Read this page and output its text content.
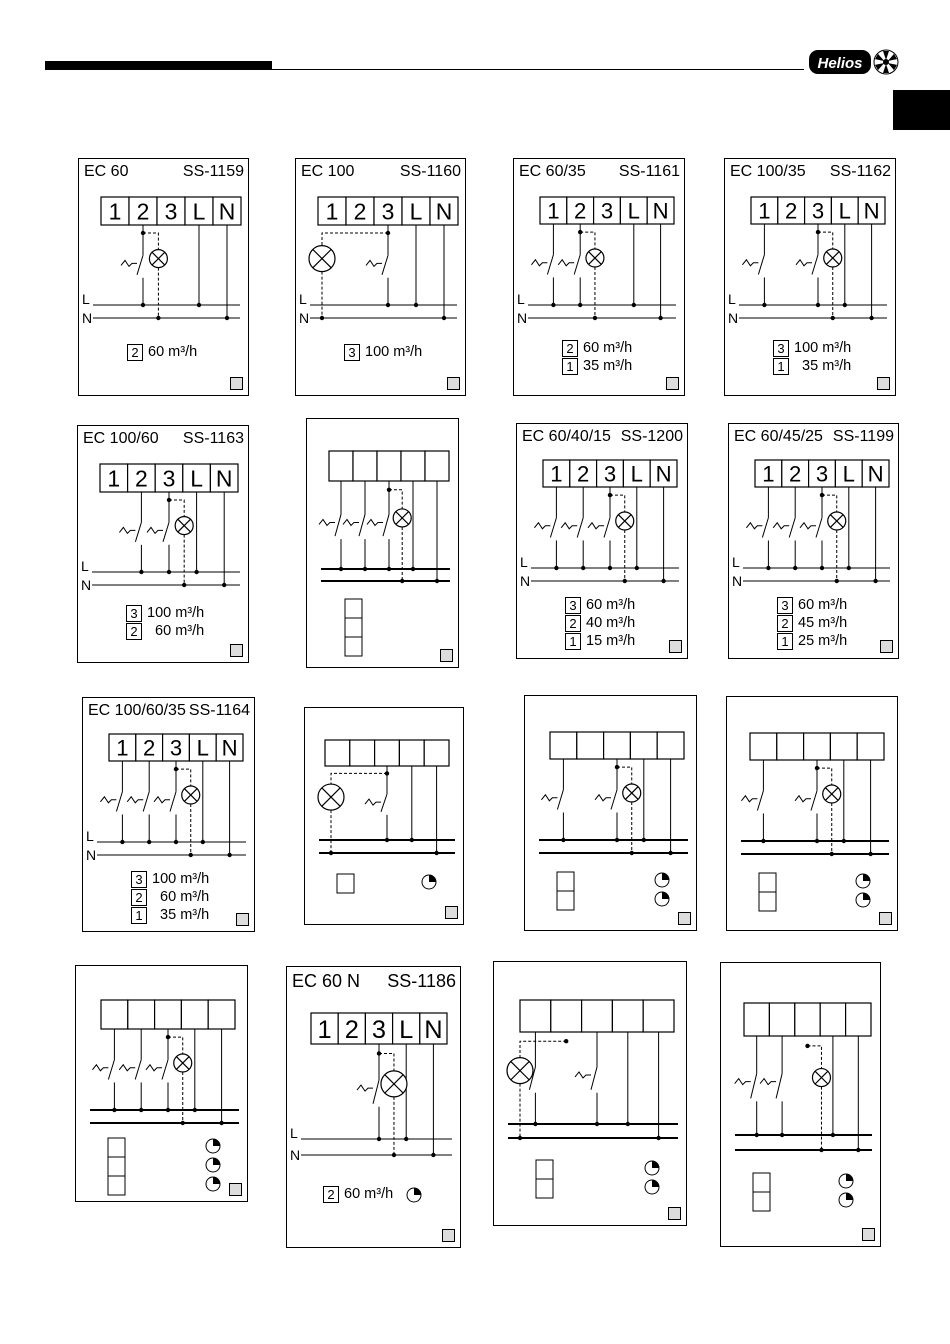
Helios
EC 60	SS-1159
1 2 3 L N
L
N
2 60 m³/h
EC 100	SS-1160
1 2 3 L N
L
N
3 100 m³/h
EC 60/35 SS-1161
1 2 3 L N
L
N
2 60 m³/h
1 35 m³/h
EC 100/35 SS-1162
1 2 3 L N
L
N
3 100 m³/h
1 35 m³/h
EC 100/60 SS-1163
1 2 3 L N
L
N
3 100 m³/h
2 60 m³/h
EC 60/40/15 SS-1200
1 2 3 L N
L
N
3 60 m³/h
2 40 m³/h
1 15 m³/h
EC 60/45/25 SS-1199
1 2 3 L N
L
N
3 60 m³/h
2 45 m³/h
1 25 m³/h
EC 100/60/35 SS-1164
1 2 3 L N
L
N
3 100 m³/h
2 60 m³/h
1 35 m³/h
EC 60 N SS-1186
1 2 3 L N
L
N
2 60 m³/h
